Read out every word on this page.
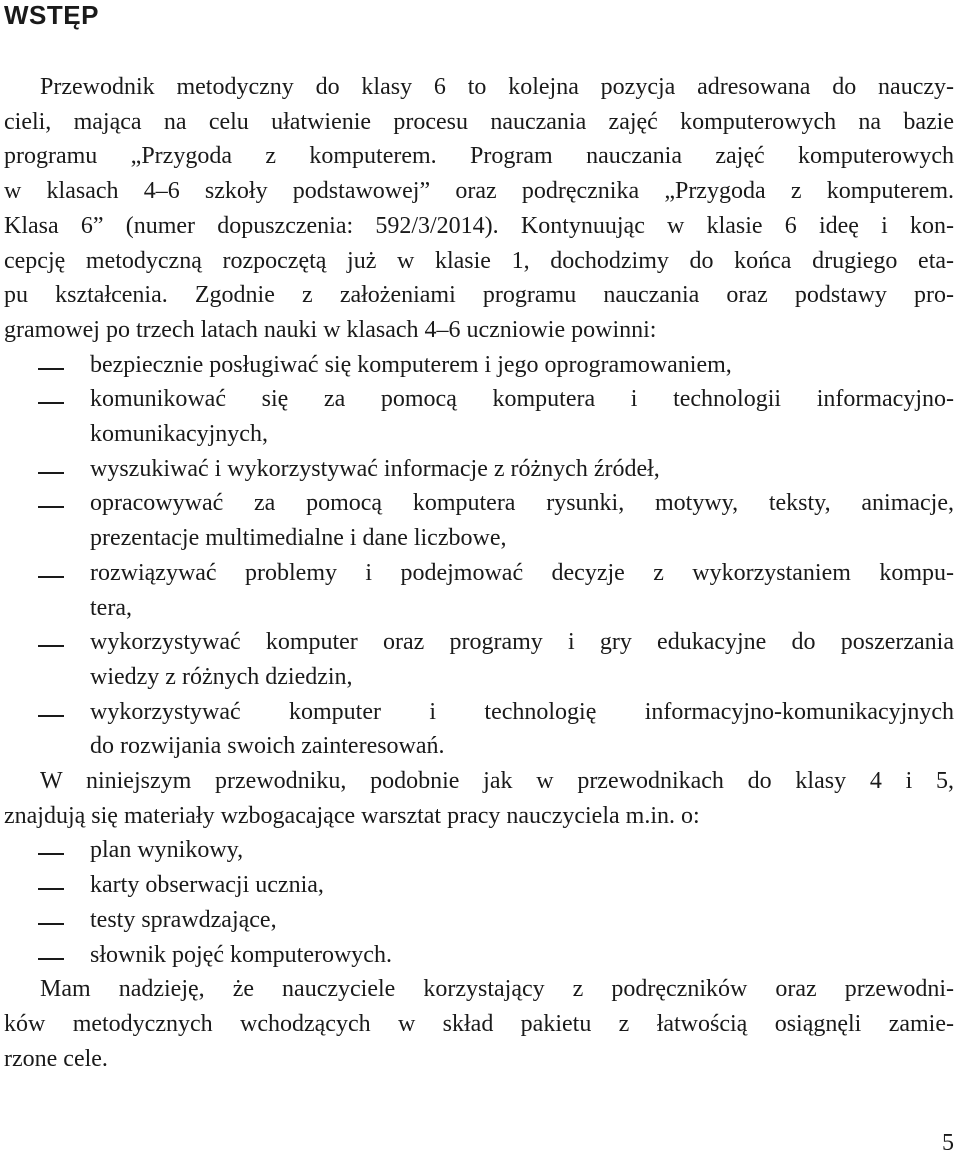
WSTĘP
Przewodnik metodyczny do klasy 6 to kolejna pozycja adresowana do nauczy-
cieli, mająca na celu ułatwienie procesu nauczania zajęć komputerowych na bazie
programu „Przygoda z komputerem. Program nauczania zajęć komputerowych
w klasach 4–6 szkoły podstawowej” oraz podręcznika „Przygoda z komputerem.
Klasa 6” (numer dopuszczenia: 592/3/2014). Kontynuując w klasie 6 ideę i kon-
cepcję metodyczną rozpoczętą już w klasie 1, dochodzimy do końca drugiego eta-
pu kształcenia. Zgodnie z założeniami programu nauczania oraz podstawy pro-
gramowej po trzech latach nauki w klasach 4–6 uczniowie powinni:
bezpiecznie posługiwać się komputerem i jego oprogramowaniem,
komunikować się za pomocą komputera i technologii informacyjno-
komunikacyjnych,
wyszukiwać i wykorzystywać informacje z różnych źródeł,
opracowywać za pomocą komputera rysunki, motywy, teksty, animacje,
prezentacje multimedialne i dane liczbowe,
rozwiązywać problemy i podejmować decyzje z wykorzystaniem kompu-
tera,
wykorzystywać komputer oraz programy i gry edukacyjne do poszerzania
wiedzy z różnych dziedzin,
wykorzystywać komputer i technologię informacyjno-komunikacyjnych
do rozwijania swoich zainteresowań.
W niniejszym przewodniku, podobnie jak w przewodnikach do klasy 4 i 5,
znajdują się materiały wzbogacające warsztat pracy nauczyciela m.in. o:
plan wynikowy,
karty obserwacji ucznia,
testy sprawdzające,
słownik pojęć komputerowych.
Mam nadzieję, że nauczyciele korzystający z podręczników oraz przewodni-
ków metodycznych wchodzących w skład pakietu z łatwością osiągnęli zamie-
rzone cele.
5
